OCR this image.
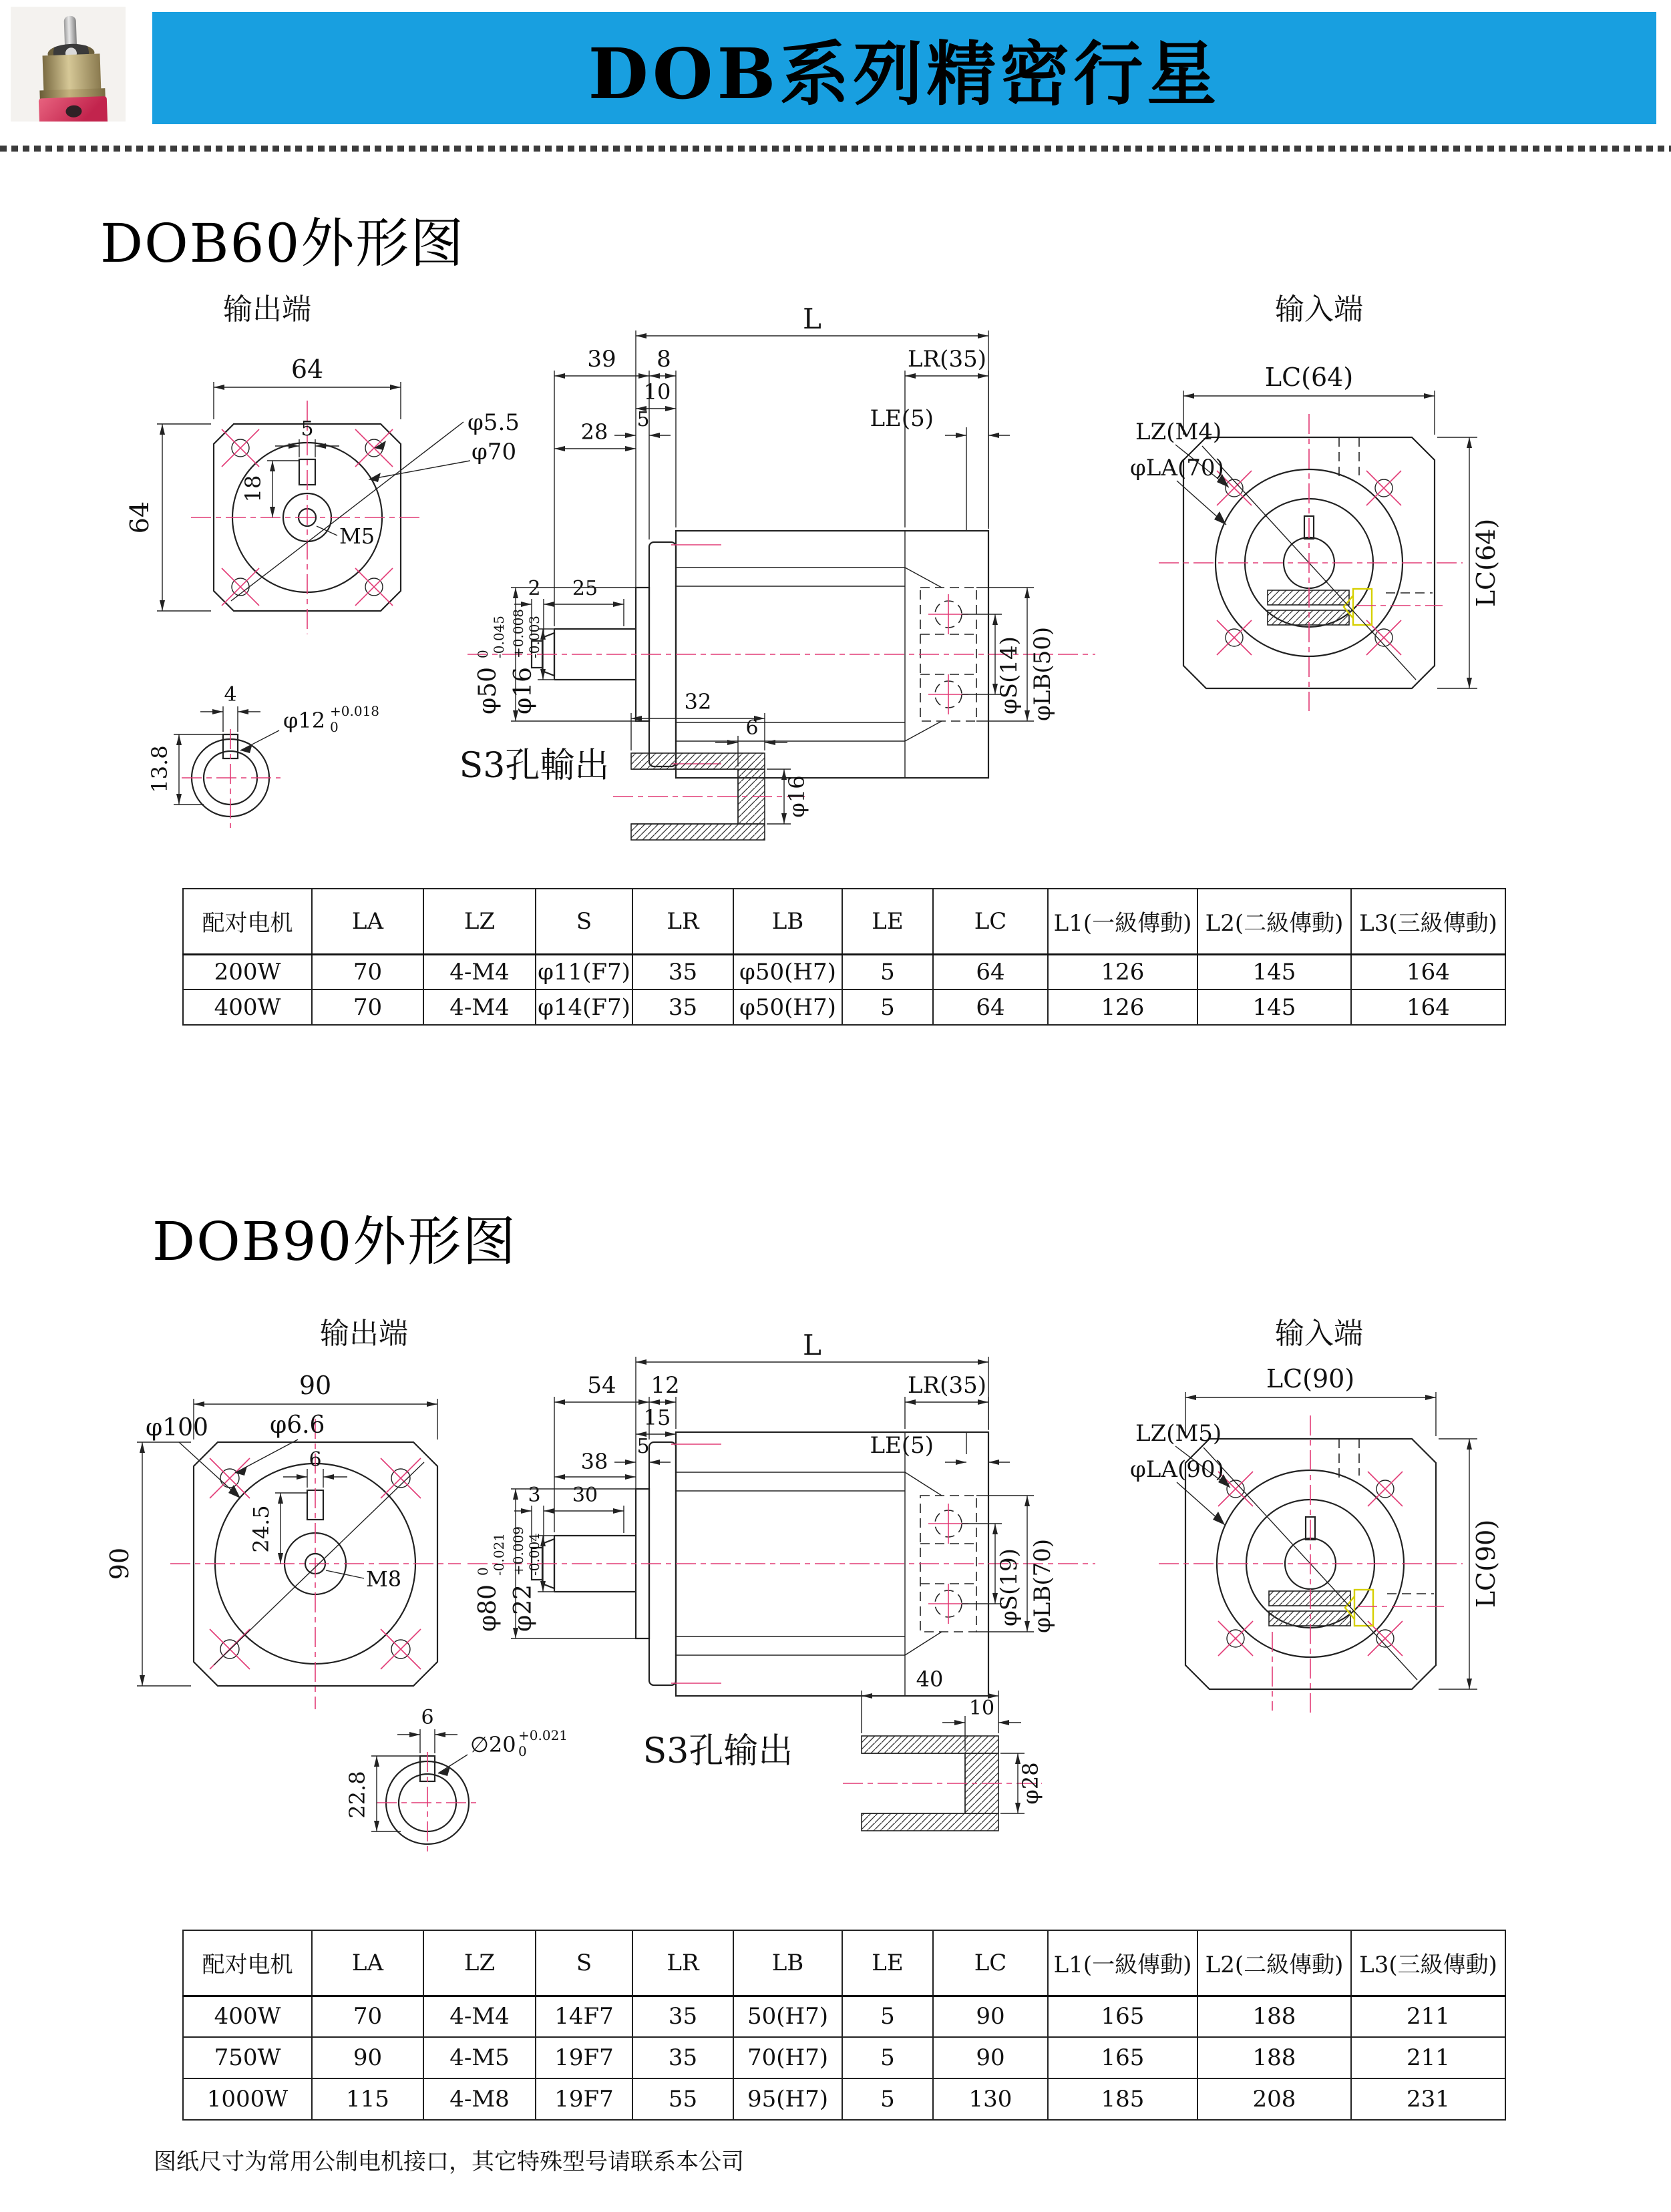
DOB系列精密行星
DOB60外形图
输出端
64
64
5
18
M5
φ5.5
φ70
L
39 8
10
5
28
2 25
LR(35)
LE(5)
φ50
0 -0.045
φ16
+0.008 -0.003	φS(14) φLB(50)
输入端
LC(64)
LC(64)
LZ(M4)
φLA(70)
4
13.8
φ12 +0.018
0
S3孔輸出
32
6
φ16
配对电机	LA	LZ	S	LR	LB	LE	LC	L1(一級傳動)	L2(二級傳動)	L3(三級傳動)
200W	70	4-M4	φ11(F7)	35	φ50(H7)	5	64	126	145	164
400W	70	4-M4	φ14(F7)	35	φ50(H7)	5	64	126	145	164
DOB90外形图
输出端
90
90
6
24.5
M8
φ100	φ6.6
L
54 12
15
5
38
3 30
LR(35)
LE(5)
φ80
0 -0.021
φ22
+0.009 -0.004	φS(19) φLB(70)
输入端
LC(90)
LC(90)
LZ(M5)
φLA(90)
6
22.8
∅20 +0.021
0	S3孔输出
40
10
φ28
配对电机	LA	LZ	S	LR	LB	LE	LC	L1(一級傳動)	L2(二級傳動)	L3(三級傳動)
400W	70	4-M4	14F7	35	50(H7)	5	90	165	188	211
750W	90	4-M5	19F7	35	70(H7)	5	90	165	188	211
1000W	115	4-M8	19F7	55	95(H7)	5	130	185	208	231
图纸尺寸为常用公制电机接口，其它特殊型号请联系本公司
